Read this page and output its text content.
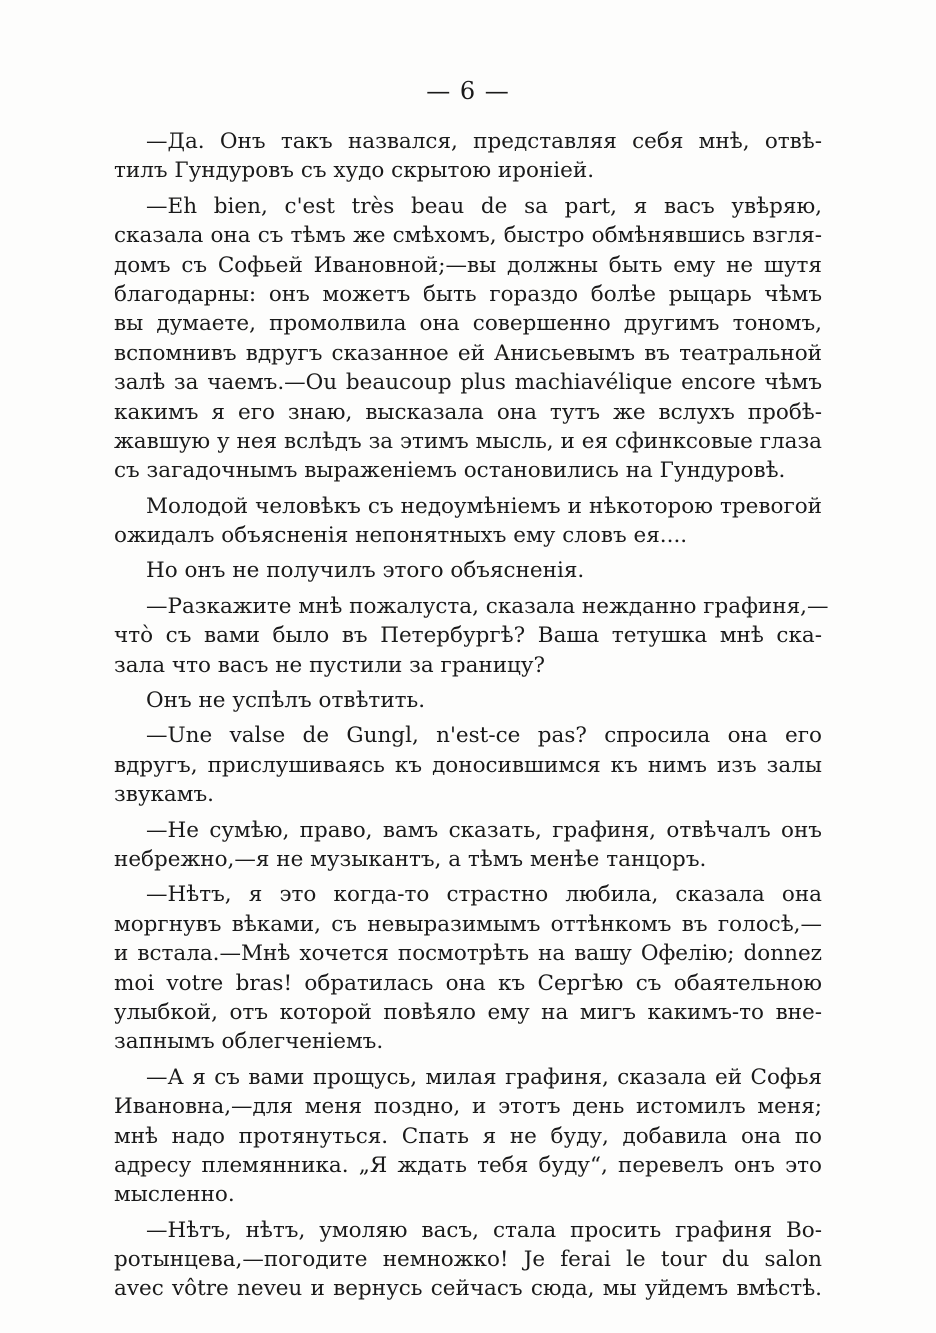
— 6 —
—Да. Онъ такъ назвался, представляя себя мнѣ, отвѣ-
тилъ Гундуровъ съ худо скрытою ироніей.
—Eh bien, c'est très beau de sa part, я васъ увѣряю,
сказала она съ тѣмъ же смѣхомъ, быстро обмѣнявшись взгля-
домъ съ Софьей Ивановной;—вы должны быть ему не шутя
благодарны: онъ можетъ быть гораздо болѣе рыцарь чѣмъ
вы думаете, промолвила она совершенно другимъ тономъ,
вспомнивъ вдругъ сказанное ей Анисьевымъ въ театральной
залѣ за чаемъ.—Ou beaucoup plus machiavélique encore чѣмъ
какимъ я его знаю, высказала она тутъ же вслухъ пробѣ-
жавшую у нея вслѣдъ за этимъ мысль, и ея сфинксовые глаза
съ загадочнымъ выраженіемъ остановились на Гундуровѣ.
Молодой человѣкъ съ недоумѣніемъ и нѣкоторою тревогой
ожидалъ объясненія непонятныхъ ему словъ ея....
Но онъ не получилъ этого объясненія.
—Разкажите мнѣ пожалуста, сказала нежданно графиня,—
что̀ съ вами было въ Петербургѣ? Ваша тетушка мнѣ ска-
зала что васъ не пустили за границу?
Онъ не успѣлъ отвѣтить.
—Une valse de Gungl, n'est-ce pas? спросила она его
вдругъ, прислушиваясь къ доносившимся къ нимъ изъ залы
звукамъ.
—Не сумѣю, право, вамъ сказать, графиня, отвѣчалъ онъ
небрежно,—я не музыкантъ, а тѣмъ менѣе танцоръ.
—Нѣтъ, я это когда-то страстно любила, сказала она
моргнувъ вѣками, съ невыразимымъ оттѣнкомъ въ голосѣ,—
и встала.—Мнѣ хочется посмотрѣть на вашу Офелію; donnez
moi votre bras! обратилась она къ Сергѣю съ обаятельною
улыбкой, отъ которой повѣяло ему на мигъ какимъ-то вне-
запнымъ облегченіемъ.
—А я съ вами прощусь, милая графиня, сказала ей Софья
Ивановна,—для меня поздно, и этотъ день истомилъ меня;
мнѣ надо протянуться. Спать я не буду, добавила она по
адресу племянника. „Я ждать тебя буду“, перевелъ онъ это
мысленно.
—Нѣтъ, нѣтъ, умоляю васъ, стала просить графиня Во-
ротынцева,—погодите немножко! Je ferai le tour du salon
avec vôtre neveu и вернусь сейчасъ сюда, мы уйдемъ вмѣстѣ.
